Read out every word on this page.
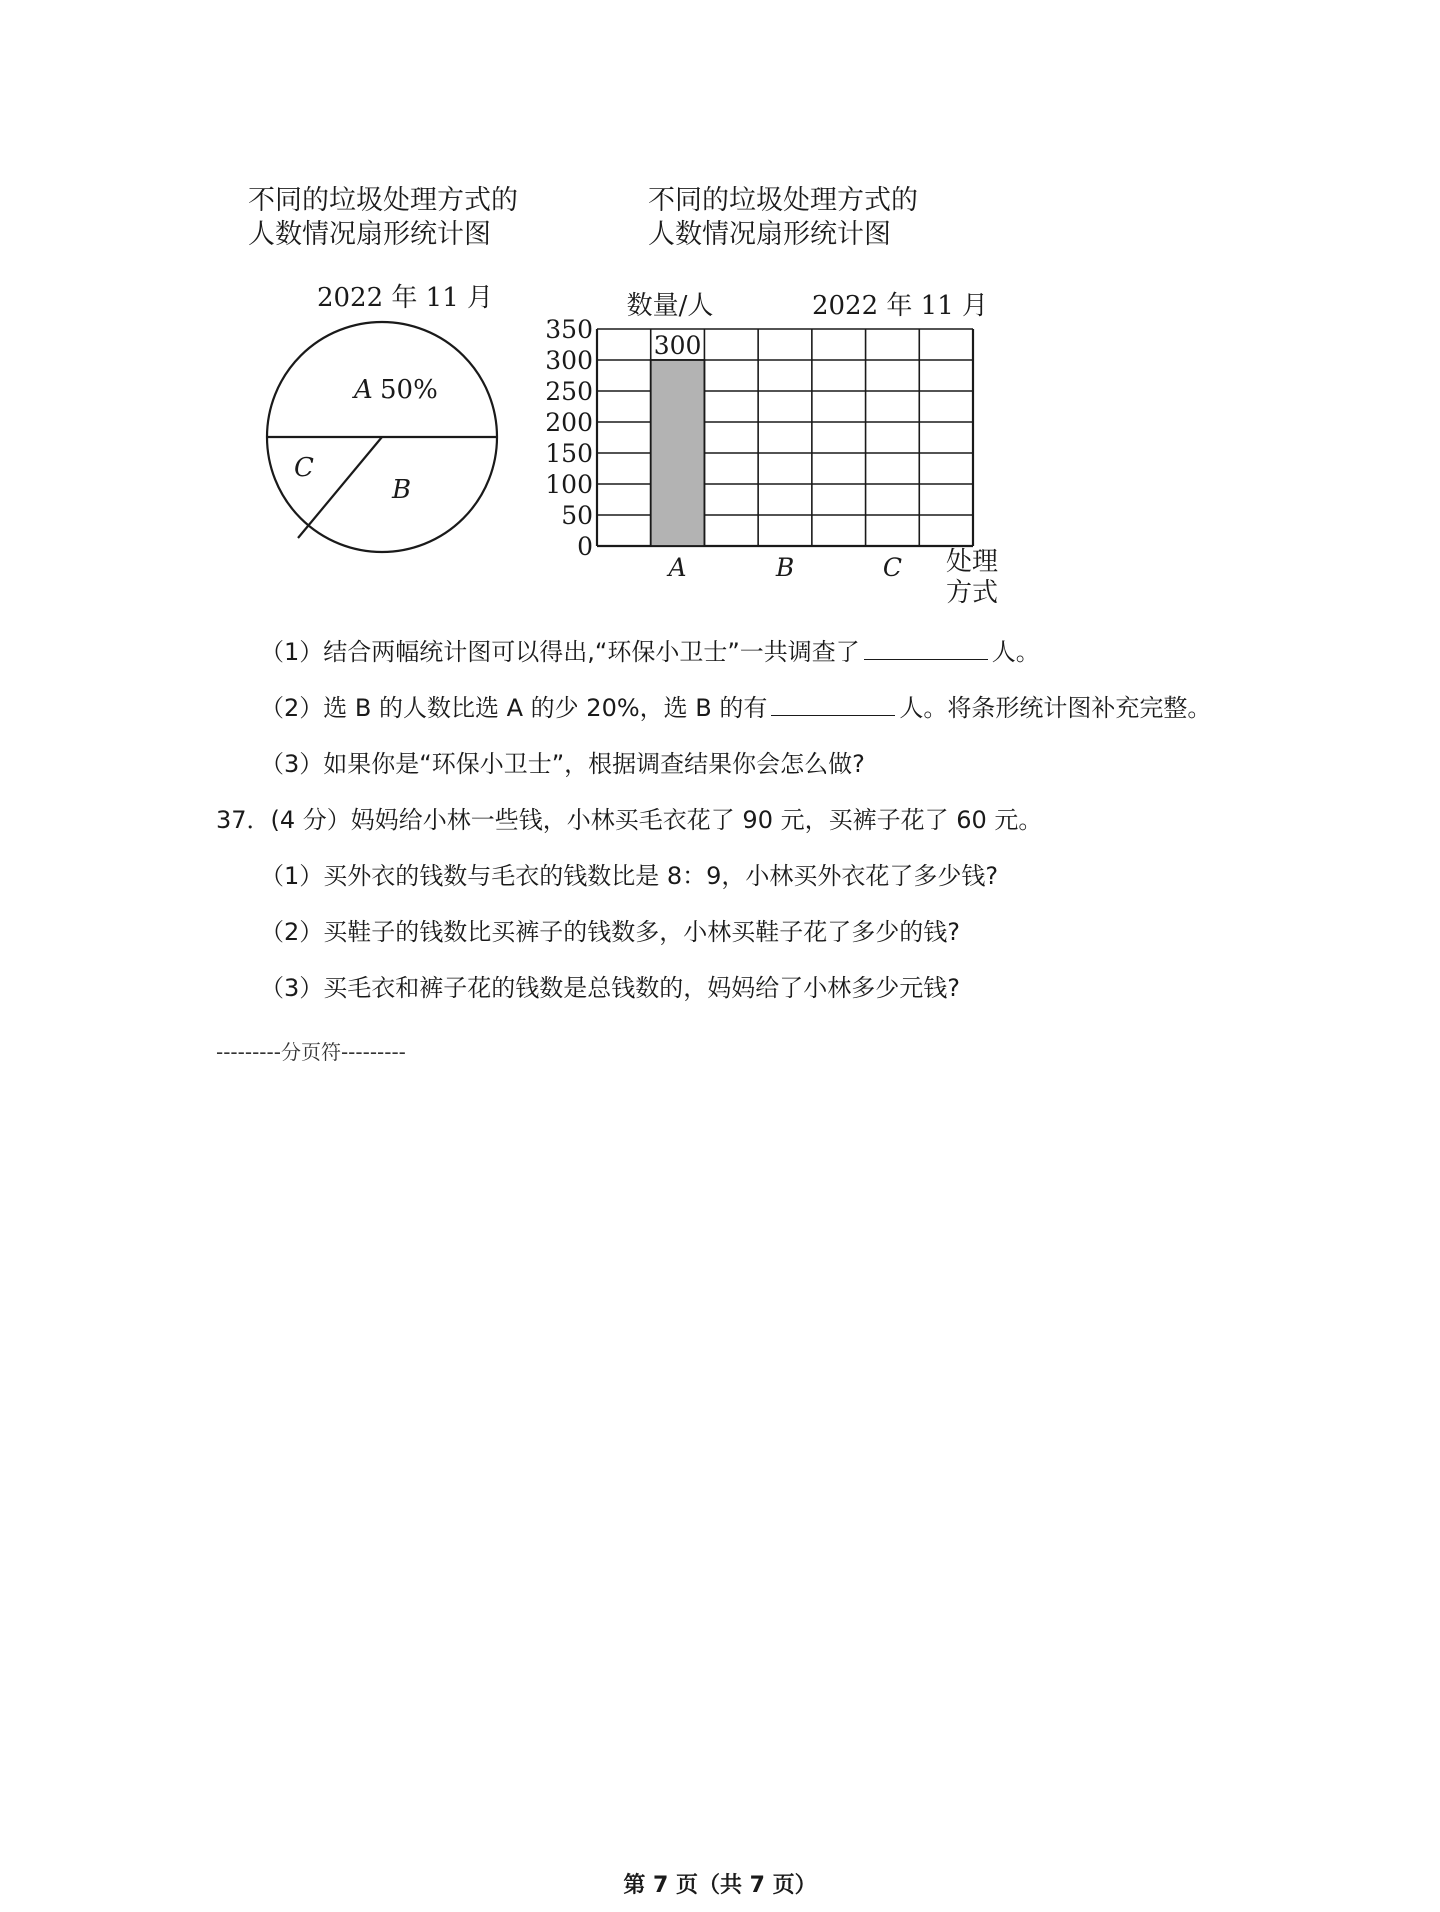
不同的垃圾处理方式的
人数情况扇形统计图
不同的垃圾处理方式的
人数情况扇形统计图
2022 年 11 月
A 50%
C
B
数量/人	2022 年 11 月
0
50
100
150
200
250
300
350
A	B	C
300
处理
方式
（1）结合两幅统计图可以得出,“环保小卫士”一共调查了	人。
（2）选 B 的人数比选 A 的少 20%，选 B 的有	人。将条形统计图补充完整。
（3）如果你是“环保小卫士”，根据调查结果你会怎么做?
37．(4 分）妈妈给小林一些钱，小林买毛衣花了 90 元，买裤子花了 60 元。
（1）买外衣的钱数与毛衣的钱数比是 8：9，小林买外衣花了多少钱?
（2）买鞋子的钱数比买裤子的钱数多，小林买鞋子花了多少的钱?
（3）买毛衣和裤子花的钱数是总钱数的，妈妈给了小林多少元钱?
---------分页符---------
第 7 页（共 7 页）
